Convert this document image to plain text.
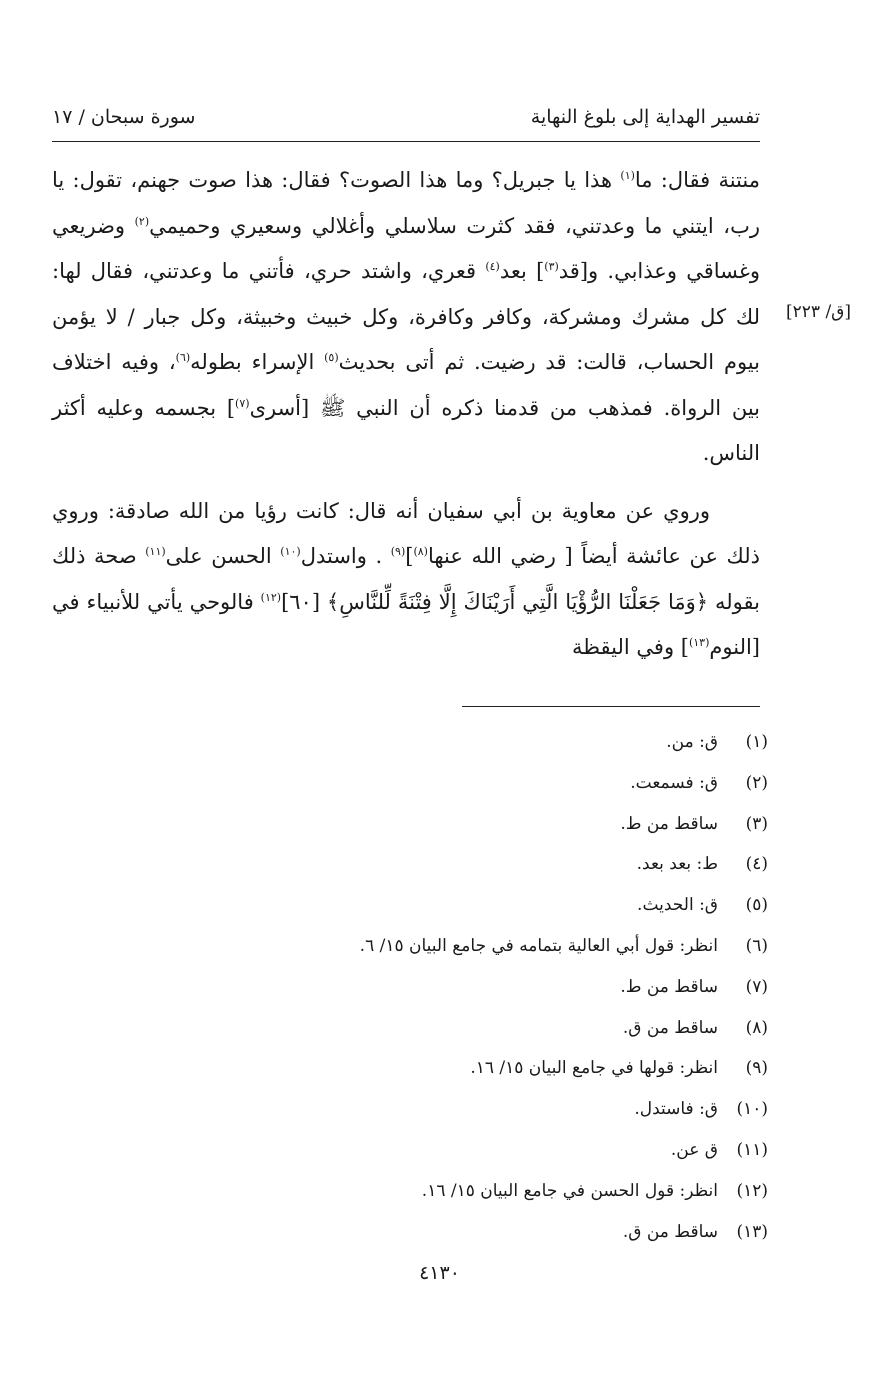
تفسير الهداية إلى بلوغ النهاية
سورة سبحان / ١٧
[ق/ ٢٢٣]

منتنة فقال: ما$^{(١)}$ هذا يا جبريل؟ وما هذا الصوت؟ فقال: هذا صوت جهنم، تقول: يا رب، ايتني ما وعدتني، فقد كثرت سلاسلي وأغلالي وسعيري وحميمي$^{(٢)}$ وضريعي وغساقي وعذابي. و[قد$^{(٣)}$] بعد$^{(٤)}$ قعري، واشتد حري، فأتني ما وعدتني، فقال لها: لك كل مشرك ومشركة، وكافر وكافرة، وكل خبيث وخبيثة، وكل جبار / لا يؤمن بيوم الحساب، قالت: قد رضيت. ثم أتى بحديث$^{(٥)}$ الإسراء بطوله$^{(٦)}$، وفيه اختلاف بين الرواة. فمذهب من قدمنا ذكره أن النبي ﷺ [أسرى$^{(٧)}$] بجسمه وعليه أكثر الناس.

وروي عن معاوية بن أبي سفيان أنه قال: كانت رؤيا من الله صادقة: وروي ذلك عن عائشة أيضاً [ رضي الله عنها$^{(٨)}$]$^{(٩)}$ . واستدل$^{(١٠)}$ الحسن على$^{(١١)}$ صحة ذلك بقوله ﴿وَمَا جَعَلْنَا الرُّؤْيَا الَّتِي أَرَيْنَاكَ إِلَّا فِتْنَةً لِّلنَّاسِ﴾ [٦٠]$^{(١٢)}$ فالوحي يأتي للأنبياء في [النوم$^{(١٣)}$] وفي اليقظة

(١)
ق: من.
(٢)
ق: فسمعت.
(٣)
ساقط من ط.
(٤)
ط: بعد بعد.
(٥)
ق: الحديث.
(٦)
انظر: قول أبي العالية بتمامه في جامع البيان ١٥/ ٦.
(٧)
ساقط من ط.
(٨)
ساقط من ق.
(٩)
انظر: قولها في جامع البيان ١٥/ ١٦.
(١٠)
ق: فاستدل.
(١١)
ق عن.
(١٢)
انظر: قول الحسن في جامع البيان ١٥/ ١٦.
(١٣)
ساقط من ق.
٤١٣٠
